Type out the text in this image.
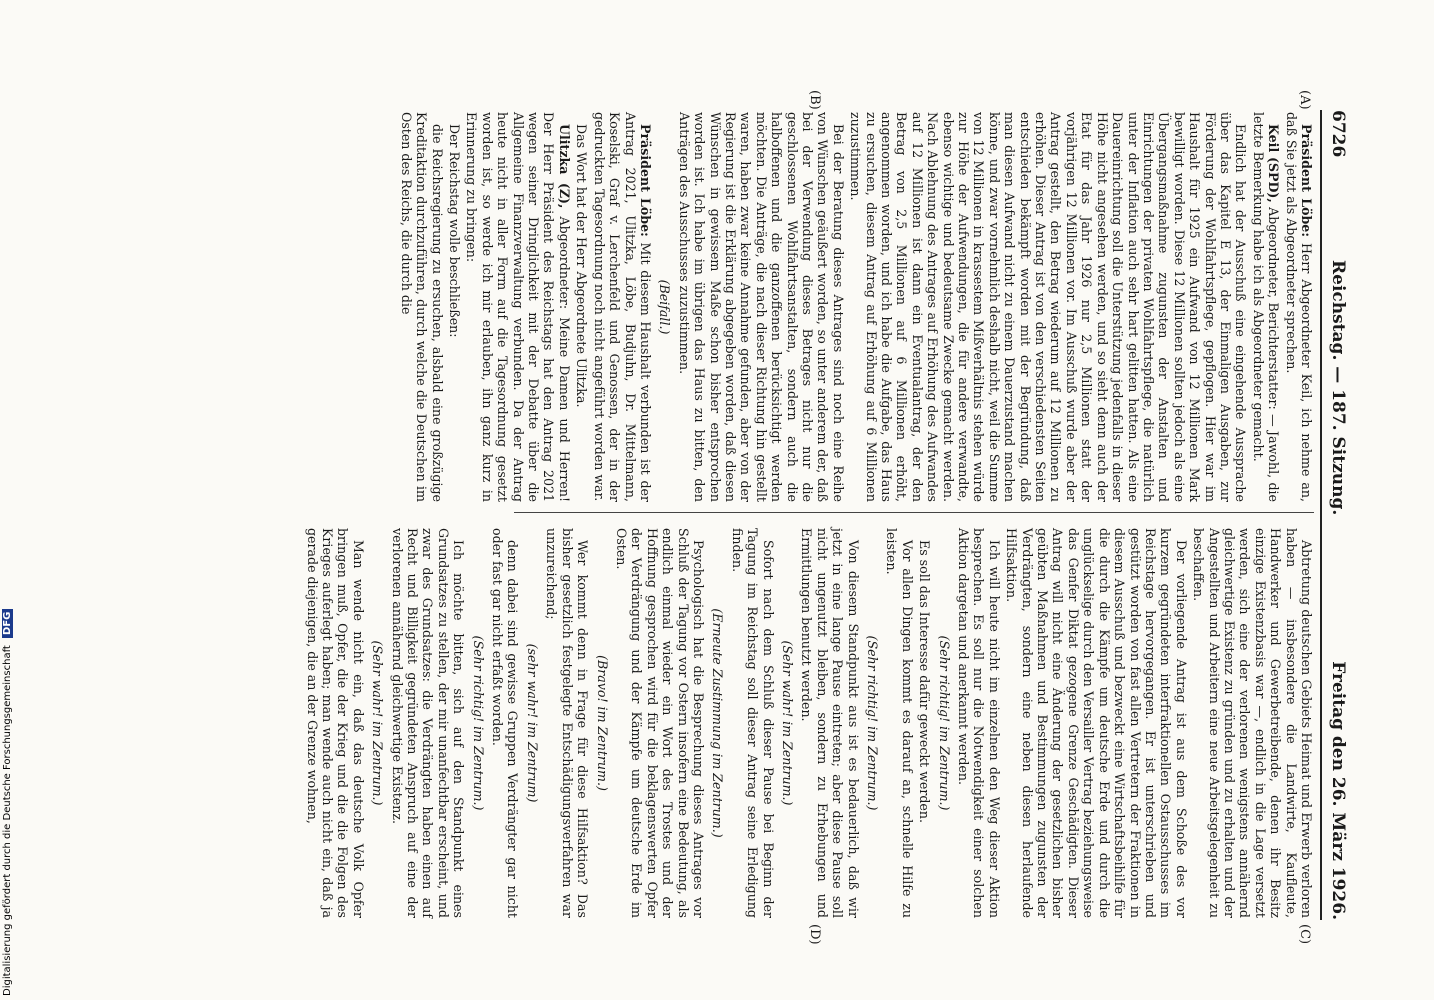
6726
Reichstag. — 187. Sitzung.
Freitag den 26. März 1926.
(A)
(B)
(C)
(D)

Präsident Löbe: Herr Abgeordneter Keil, ich nehme an, daß Sie jetzt als Abgeordneter sprechen.

Keil (SPD), Abgeordneter, Berichterstatter: — Jawohl, die letzte Bemerkung habe ich als Abgeordneter gemacht.

Endlich hat der Ausschuß eine eingehende Aussprache über das Kapitel E 13, der Einmaligen Ausgaben, zur Förderung der Wohlfahrtspflege, gepflogen. Hier war im Haushalt für 1925 ein Aufwand von 12 Millionen Mark bewilligt worden. Diese 12 Millionen sollten jedoch als eine Übergangsmaßnahme zugunsten der Anstalten und Einrichtungen der privaten Wohlfahrtspflege, die natürlich unter der Inflation auch sehr hart gelitten hatten. Als eine Dauereinrichtung soll die Unterstützung jedenfalls in dieser Höhe nicht angesehen werden, und so sieht denn auch der Etat für das Jahr 1926 nur 2,5 Millionen statt der vorjährigen 12 Millionen vor. Im Ausschuß wurde aber der Antrag gestellt, den Betrag wiederum auf 12 Millionen zu erhöhen. Dieser Antrag ist von den verschiedensten Seiten entschieden bekämpft worden mit der Begründung, daß man diesen Aufwand nicht zu einem Dauerzustand machen könne, und zwar vornehmlich deshalb nicht, weil die Summe von 12 Millionen in krassestem Mißverhältnis stehen würde zur Höhe der Aufwendungen, die für andere verwandte, ebenso wichtige und bedeutsame Zwecke gemacht werden. Nach Ablehnung des Antrages auf Erhöhung des Aufwandes auf 12 Millionen ist dann ein Eventualantrag, der den Betrag von 2,5 Millionen auf 6 Millionen erhöht, angenommen worden, und ich habe die Aufgabe, das Haus zu ersuchen, diesem Antrag auf Erhöhung auf 6 Millionen zuzustimmen.

Bei der Beratung dieses Antrages sind noch eine Reihe von Wünschen geäußert worden, so unter anderem der, daß bei der Verwendung dieses Betrages nicht nur die geschlossenen Wohlfahrtsanstalten, sondern auch die halboffenen und die ganzoffenen berücksichtigt werden möchten. Die Anträge, die nach dieser Richtung hin gestellt waren, haben zwar keine Annahme gefunden, aber von der Regierung ist die Erklärung abgegeben worden, daß diesen Wünschen in gewissem Maße schon bisher entsprochen worden ist. Ich habe im übrigen das Haus zu bitten, den Anträgen des Ausschusses zuzustimmen.

(Beifall.)

Präsident Löbe: Mit diesem Haushalt verbunden ist der Antrag 2021, Ulitzka, Löbe, Budjuhn, Dr. Mittelmann, Koselski, Graf v. Lerchenfeld und Genossen, der in der gedruckten Tagesordnung noch nicht angeführt worden war.

Das Wort hat der Herr Abgeordnete Ulitzka.

Ulitzka (Z), Abgeordneter: Meine Damen und Herren! Der Herr Präsident des Reichstags hat den Antrag 2021 wegen seiner Dringlichkeit mit der Debatte über die Allgemeine Finanzverwaltung verbunden. Da der Antrag heute nicht in aller Form auf die Tagesordnung gesetzt worden ist, so werde ich mir erlauben, ihn ganz kurz in Erinnerung zu bringen:

Der Reichstag wolle beschließen:

die Reichsregierung zu ersuchen, alsbald eine großzügige Kreditaktion durchzuführen, durch welche die Deutschen im Osten des Reichs, die durch die

Abtretung deutschen Gebiets Heimat und Erwerb verloren haben — insbesondere die Landwirte, Kaufleute, Handwerker und Gewerbetreibende, denen ihr Besitz einzige Existenzbasis war —, endlich in die Lage versetzt werden, sich eine der verlorenen wenigstens annähernd gleichwertige Existenz zu gründen und zu erhalten und der Angestellten und Arbeitern eine neue Arbeitsgelegenheit zu beschaffen.

Der vorliegende Antrag ist aus dem Schoße des vor kurzem gegründeten interfraktionellen Ostausschusses im Reichstage hervorgegangen. Er ist unterschrieben und gestützt worden von fast allen Vertretern der Fraktionen in diesem Ausschuß und bezweckt eine Wirtschaftsbeihilfe für die durch die Kämpfe um deutsche Erde und durch die unglückselige durch den Versailler Vertrag beziehungsweise das Genfer Diktat gezogene Grenze Geschädigten. Dieser Antrag will nicht eine Änderung der gesetzlichen bisher geübten Maßnahmen und Bestimmungen zugunsten der Verdrängten, sondern eine neben diesen herlaufende Hilfsaktion.

Ich will heute nicht im einzelnen den Weg dieser Aktion besprechen. Es soll nur die Notwendigkeit einer solchen Aktion dargetan und anerkannt werden.

(Sehr richtig! im Zentrum.)

Es soll das Interesse dafür geweckt werden.

Vor allen Dingen kommt es darauf an, schnelle Hilfe zu leisten.

(Sehr richtig! im Zentrum.)

Von diesem Standpunkt aus ist es bedauerlich, daß wir jetzt in eine lange Pause eintreten; aber diese Pause soll nicht ungenutzt bleiben, sondern zu Erhebungen und Ermittlungen benutzt werden.

(Sehr wahr! im Zentrum.)

Sofort nach dem Schluß dieser Pause bei Beginn der Tagung im Reichstag soll dieser Antrag seine Erledigung finden.

(Erneute Zustimmung im Zentrum.)

Psychologisch hat die Besprechung dieses Antrages vor Schluß der Tagung vor Ostern insofern eine Bedeutung, als endlich einmal wieder ein Wort des Trostes und der Hoffnung gesprochen wird für die beklagenswerten Opfer der Verdrängung und der Kämpfe um deutsche Erde im Osten.

(Bravo! im Zentrum.)

Wer kommt denn in Frage für diese Hilfsaktion? Das bisher gesetzlich festgelegte Entschädigungsverfahren war unzureichend;

(sehr wahr! im Zentrum)

denn dabei sind gewisse Gruppen Verdrängter gar nicht oder fast gar nicht erfaßt worden.

(Sehr richtig! im Zentrum.)

Ich möchte bitten, sich auf den Standpunkt eines Grundsatzes zu stellen, der mir unanfechtbar erscheint, und zwar des Grundsatzes: die Verdrängten haben einen auf Recht und Billigkeit gegründeten Anspruch auf eine der verlorenen annähernd gleichwertige Existenz.

(Sehr wahr! im Zentrum.)

Man wende nicht ein, daß das deutsche Volk Opfer bringen muß, Opfer, die der Krieg und die die Folgen des Krieges auferlegt haben; man wende auch nicht ein, daß ja gerade diejenigen, die an der Grenze wohnen,

Digitalisierung gefördert durch die Deutsche Forschungsgemeinschaft DFG
